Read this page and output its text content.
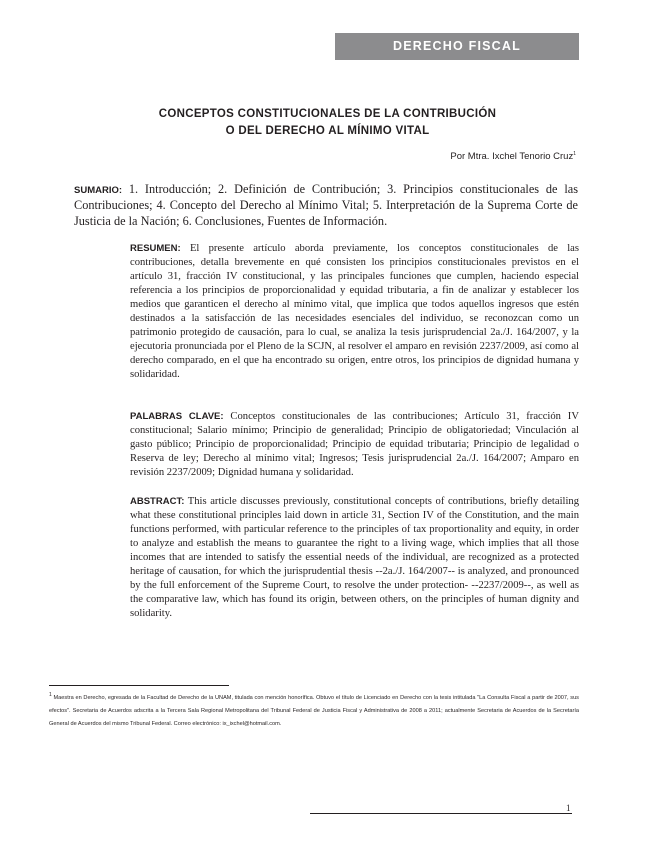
DERECHO FISCAL
CONCEPTOS CONSTITUCIONALES DE LA CONTRIBUCIÓN
O DEL DERECHO AL MÍNIMO VITAL
Por Mtra. Ixchel Tenorio Cruz$^1$
SUMARIO: 1. Introducción; 2. Definición de Contribución; 3. Principios constitucionales de las Contribuciones; 4. Concepto del Derecho al Mínimo Vital; 5. Interpretación de la Suprema Corte de Justicia de la Nación; 6. Conclusiones, Fuentes de Información.
RESUMEN: El presente artículo aborda previamente, los conceptos constitucionales de las contribuciones, detalla brevemente en qué consisten los principios constitucionales previstos en el artículo 31, fracción IV constitucional, y las principales funciones que cumplen, haciendo especial referencia a los principios de proporcionalidad y equidad tributaria, a fin de analizar y establecer los medios que garanticen el derecho al mínimo vital, que implica que todos aquellos ingresos que estén destinados a la satisfacción de las necesidades esenciales del individuo, se reconozcan como un patrimonio protegido de causación, para lo cual, se analiza la tesis jurisprudencial 2a./J. 164/2007, y la ejecutoria pronunciada por el Pleno de la SCJN, al resolver el amparo en revisión 2237/2009, así como al derecho comparado, en el que ha encontrado su origen, entre otros, los principios de dignidad humana y solidaridad.
PALABRAS CLAVE: Conceptos constitucionales de las contribuciones; Artículo 31, fracción IV constitucional; Salario mínimo; Principio de generalidad; Principio de obligatoriedad; Vinculación al gasto público; Principio de proporcionalidad; Principio de equidad tributaria; Principio de legalidad o Reserva de ley; Derecho al mínimo vital; Ingresos; Tesis jurisprudencial 2a./J. 164/2007; Amparo en revisión 2237/2009; Dignidad humana y solidaridad.
ABSTRACT: This article discusses previously, constitutional concepts of contributions, briefly detailing what these constitutional principles laid down in article 31, Section IV of the Constitution, and the main functions performed, with particular reference to the principles of tax proportionality and equity, in order to analyze and establish the means to guarantee the right to a living wage, which implies that all those incomes that are intended to satisfy the essential needs of the individual, are recognized as a protected heritage of causation, for which the jurisprudential thesis --2a./J. 164/2007-- is analyzed, and pronounced by the full enforcement of the Supreme Court, to resolve the under protection- --2237/2009--, as well as the comparative law, which has found its origin, between others, on the principles of human dignity and solidarity.
$^1$ Maestra en Derecho, egresada de la Facultad de Derecho de la UNAM, titulada con mención honorífica. Obtuvo el título de Licenciado en Derecho con la tesis intitulada "La Consulta Fiscal a partir de 2007, sus efectos". Secretaria de Acuerdos adscrita a la Tercera Sala Regional Metropolitana del Tribunal Federal de Justicia Fiscal y Administrativa de 2008 a 2011; actualmente Secretaria de Acuerdos de la Secretaría General de Acuerdos del mismo Tribunal Federal. Correo electrónico: ix_ixchel@hotmail.com.
1
